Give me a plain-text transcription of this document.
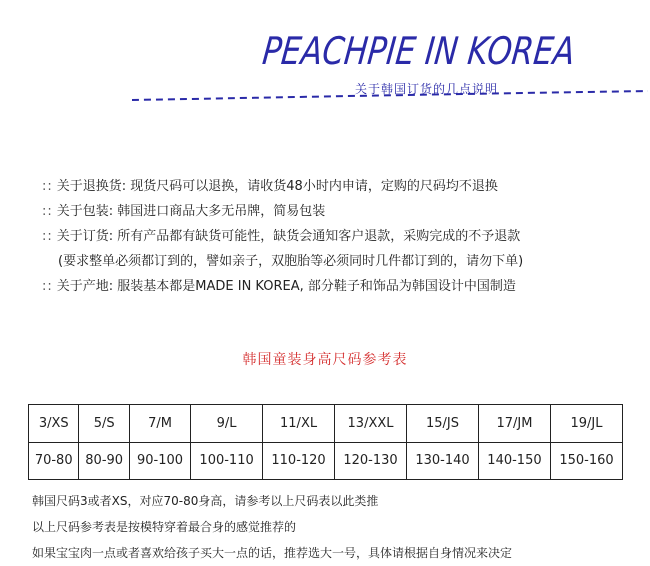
PEACHPIE IN KOREA
关于韩国订货的几点说明
:: 关于退换货: 现货尺码可以退换，请收货48小时内申请，定购的尺码均不退换
:: 关于包装: 韩国进口商品大多无吊牌，简易包装
:: 关于订货: 所有产品都有缺货可能性，缺货会通知客户退款，采购完成的不予退款
(要求整单必须都订到的，譬如亲子，双胞胎等必须同时几件都订到的，请勿下单)
:: 关于产地: 服装基本都是MADE IN KOREA, 部分鞋子和饰品为韩国设计中国制造
韩国童装身高尺码参考表
3/XS	5/S	7/M	9/L	11/XL	13/XXL	15/JS	17/JM	19/JL
70-80	80-90	90-100	100-110	110-120	120-130	130-140	140-150	150-160
韩国尺码3或者XS，对应70-80身高，请参考以上尺码表以此类推
以上尺码参考表是按模特穿着最合身的感觉推荐的
如果宝宝肉一点或者喜欢给孩子买大一点的话，推荐选大一号，具体请根据自身情况来决定
